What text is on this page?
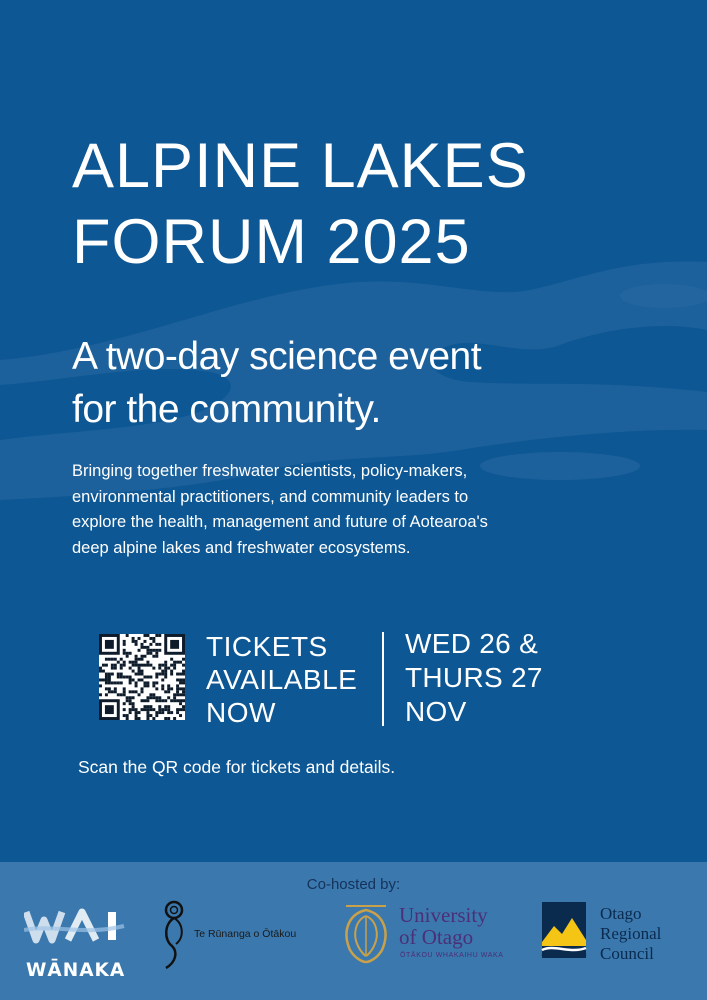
ALPINE LAKES
FORUM 2025
A two-day science event
for the community.

Bringing together freshwater scientists, policy-makers, environmental practitioners, and community leaders to explore the health, management and future of Aotearoa's deep alpine lakes and freshwater ecosystems.

TICKETS
AVAILABLE
NOW
WED 26 &
THURS 27
NOV
Scan the QR code for tickets and details.
Co-hosted by:
WĀNAKA
Te Rūnanga o Ōtākou
University
of Otago
ŌTĀKOU WHAKAIHU WAKA
Otago
Regional
Council
